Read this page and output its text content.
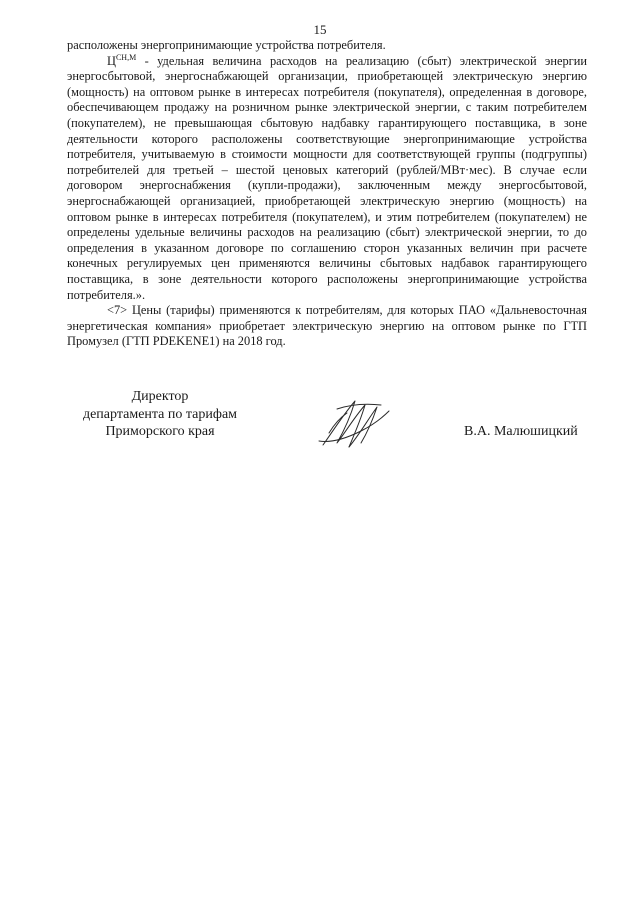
15

расположены энергопринимающие устройства потребителя.

$Ц^{СН,М}$ - удельная величина расходов на реализацию (сбыт) электрической энергии энергосбытовой, энергоснабжающей организации, приобретающей электрическую энергию (мощность) на оптовом рынке в интересах потребителя (покупателя), определенная в договоре, обеспечивающем продажу на розничном рынке электрической энергии, с таким потребителем (покупателем), не превышающая сбытовую надбавку гарантирующего поставщика, в зоне деятельности которого расположены соответствующие энергопринимающие устройства потребителя, учитываемую в стоимости мощности для соответствующей группы (подгруппы) потребителей для третьей – шестой ценовых категорий (рублей/МВт·мес). В случае если договором энергоснабжения (купли-продажи), заключенным между энергосбытовой, энергоснабжающей организацией, приобретающей электрическую энергию (мощность) на оптовом рынке в интересах потребителя (покупателем), и этим потребителем (покупателем) не определены удельные величины расходов на реализацию (сбыт) электрической энергии, то до определения в указанном договоре по соглашению сторон указанных величин при расчете конечных регулируемых цен применяются величины сбытовых надбавок гарантирующего поставщика, в зоне деятельности которого расположены энергопринимающие устройства потребителя.».

<7> Цены (тарифы) применяются к потребителям, для которых ПАО «Дальневосточная энергетическая компания» приобретает электрическую энергию на оптовом рынке по ГТП Промузел (ГТП PDEKENE1) на 2018 год.

Директор
департамента по тарифам
Приморского края	В.А. Малюшицкий
